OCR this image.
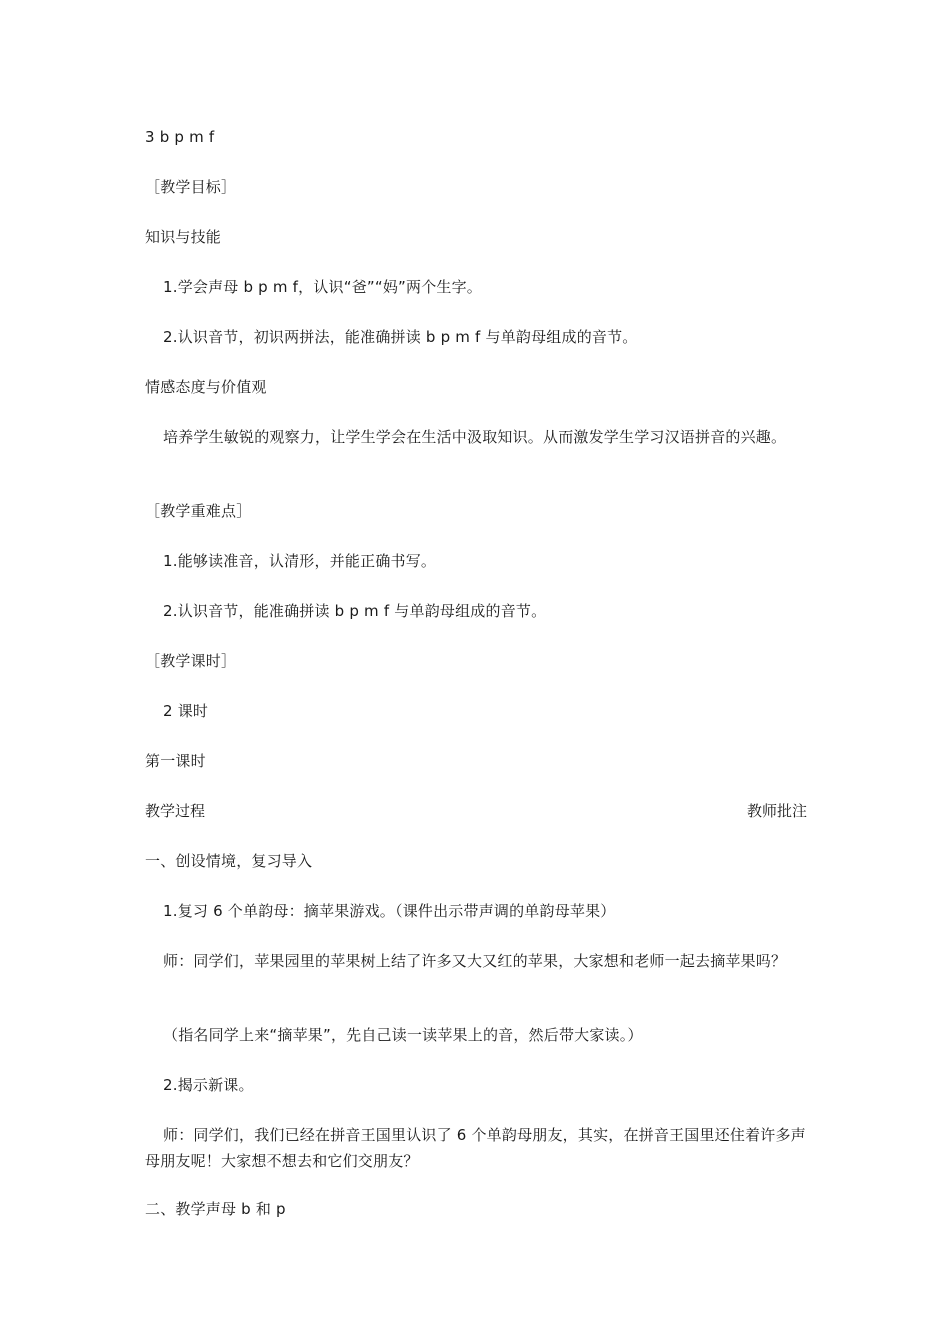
3 b p m f
［教学目标］
知识与技能
1.学会声母 b p m f，认识“爸”“妈”两个生字。
2.认识音节，初识两拼法，能准确拼读 b p m f 与单韵母组成的音节。
情感态度与价值观
培养学生敏锐的观察力，让学生学会在生活中汲取知识。从而激发学生学习汉语拼音的兴趣。
［教学重难点］
1.能够读准音，认清形，并能正确书写。
2.认识音节，能准确拼读 b p m f 与单韵母组成的音节。
［教学课时］
2 课时
第一课时
教学过程	教师批注
一、创设情境，复习导入
1.复习 6 个单韵母：摘苹果游戏。（课件出示带声调的单韵母苹果）
师：同学们，苹果园里的苹果树上结了许多又大又红的苹果，大家想和老师一起去摘苹果吗？
（指名同学上来“摘苹果”，先自己读一读苹果上的音，然后带大家读。）
2.揭示新课。
师：同学们，我们已经在拼音王国里认识了 6 个单韵母朋友，其实，在拼音王国里还住着许多声母朋友呢！大家想不想去和它们交朋友？
二、教学声母 b 和 p
